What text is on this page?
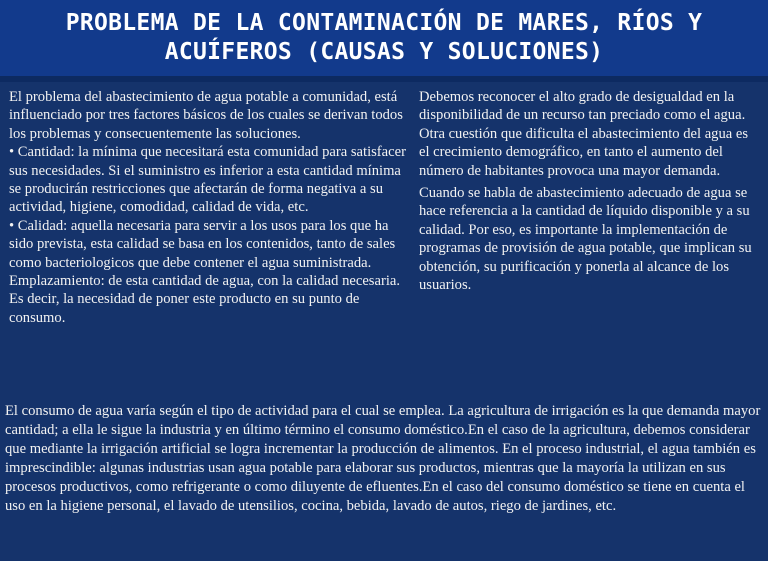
PROBLEMA DE LA CONTAMINACIÓN DE MARES, RÍOS Y ACUÍFEROS (CAUSAS Y SOLUCIONES)

El problema del abastecimiento de agua potable a comunidad, está influenciado por tres factores básicos de los cuales se derivan todos los problemas y consecuentemente las soluciones.

• Cantidad: la mínima que necesitará esta comunidad para satisfacer sus necesidades. Si el suministro es inferior a esta cantidad mínima se producirán restricciones que afectarán de forma negativa a su actividad, higiene, comodidad, calidad de vida, etc.

• Calidad: aquella necesaria para servir a los usos para los que ha sido prevista, esta calidad se basa en los contenidos, tanto de sales como bacteriologicos que debe contener el agua suministrada.

Emplazamiento: de esta cantidad de agua, con la calidad necesaria. Es decir, la necesidad de poner este producto en su punto de consumo.

Debemos reconocer el alto grado de desigualdad en la disponibilidad de un recurso tan preciado como el agua. Otra cuestión que dificulta el abastecimiento del agua es el crecimiento demográfico, en tanto el aumento del número de habitantes provoca una mayor demanda.

Cuando se habla de abastecimiento adecuado de agua se hace referencia a la cantidad de líquido disponible y a su calidad. Por eso, es importante la implementación de programas de provisión de agua potable, que implican su obtención, su purificación y ponerla al alcance de los usuarios.

El consumo de agua varía según el tipo de actividad para el cual se emplea. La agricultura de irrigación es la que demanda mayor cantidad; a ella le sigue la industria y en último término el consumo doméstico.En el caso de la agricultura, debemos considerar que mediante la irrigación artificial se logra incrementar la producción de alimentos. En el proceso industrial, el agua también es imprescindible: algunas industrias usan agua potable para elaborar sus productos, mientras que la mayoría la utilizan en sus procesos productivos, como refrigerante o como diluyente de efluentes.En el caso del consumo doméstico se tiene en cuenta el uso en la higiene personal, el lavado de utensilios, cocina, bebida, lavado de autos, riego de jardines, etc.
